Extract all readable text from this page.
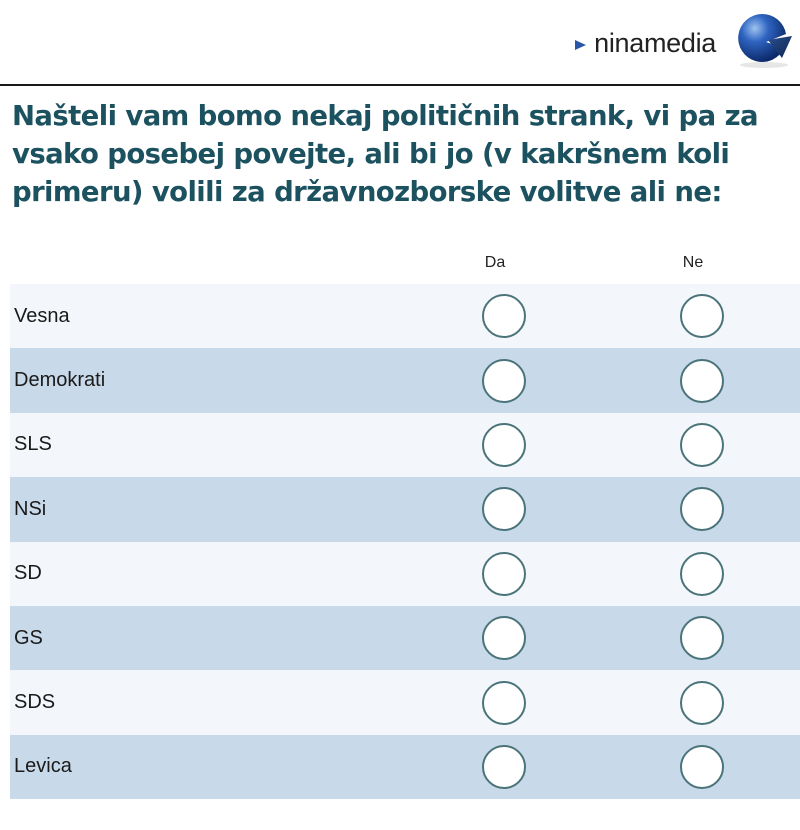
ninamedia
Našteli vam bomo nekaj političnih strank, vi pa za vsako posebej povejte, ali bi jo (v kakršnem koli primeru) volili za državnozborske volitve ali ne:
Da	Ne
Vesna
Demokrati
SLS
NSi
SD
GS
SDS
Levica
